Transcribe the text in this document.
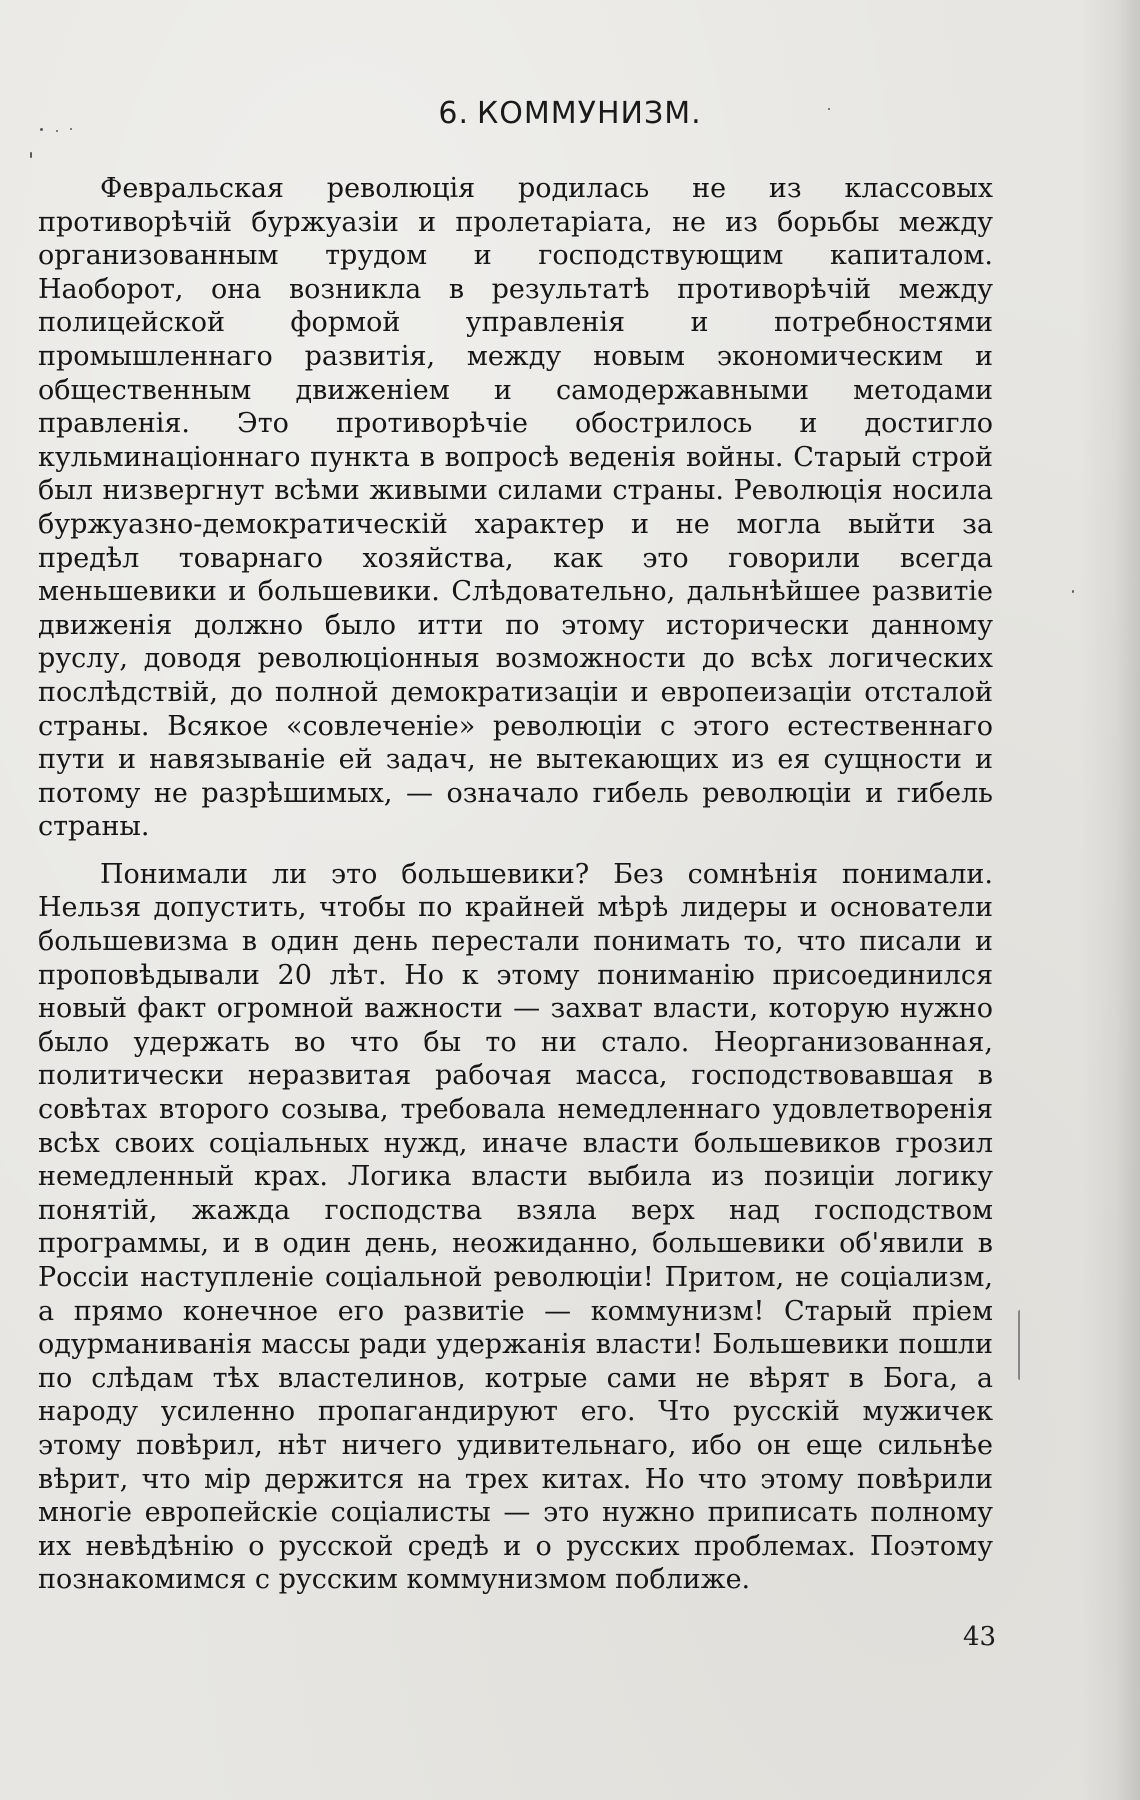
6. КОММУНИЗМ.

Февральская революція родилась не из классовых противорѣчій буржуазіи и пролетаріата, не из борьбы между организованным трудом и господствующим капиталом. Наоборот, она возникла в результатѣ противорѣчій между полицейской формой управленія и потребностями промышленнаго развитія, между новым экономическим и общественным движеніем и самодержавными методами правленія. Это противорѣчіе обострилось и достигло кульминаціоннаго пункта в вопросѣ веденія войны. Старый строй был низвергнут всѣми живыми силами страны. Революція носила буржуазно-демократическій характер и не могла выйти за предѣл товарнаго хозяйства, как это говорили всегда меньшевики и большевики. Слѣдовательно, дальнѣйшее развитіе движенія должно было итти по этому исторически данному руслу, доводя революціонныя возможности до всѣх логических послѣдствій, до полной демократизаціи и европеизаціи отсталой страны. Всякое «совлеченіе» революціи с этого естественнаго пути и навязываніе ей задач, не вытекающих из ея сущности и потому не разрѣшимых, — означало гибель революціи и гибель страны.

Понимали ли это большевики? Без сомнѣнія понимали. Нельзя допустить, чтобы по крайней мѣрѣ лидеры и основатели большевизма в один день перестали понимать то, что писали и проповѣдывали 20 лѣт. Но к этому пониманію присоединился новый факт огромной важности — захват власти, которую нужно было удержать во что бы то ни стало. Неорганизованная, политически неразвитая рабочая масса, господствовавшая в совѣтах второго созыва, требовала немедленнаго удовлетворенія всѣх своих соціальных нужд, иначе власти большевиков грозил немедленный крах. Логика власти выбила из позиціи логику понятій, жажда господства взяла верх над господством программы, и в один день, неожиданно, большевики об'явили в Россіи наступленіе соціальной революціи! Притом, не соціализм, а прямо конечное его развитіе — коммунизм! Старый пріем одурманиванія массы ради удержанія власти! Большевики пошли по слѣдам тѣх властелинов, котрые сами не вѣрят в Бога, а народу усиленно пропагандируют его. Что русскій мужичек этому повѣрил, нѣт ничего удивительнаго, ибо он еще сильнѣе вѣрит, что мір держится на трех китах. Но что этому повѣрили многіе европейскіе соціалисты — это нужно приписать полному их невѣдѣнію о русской средѣ и о русских проблемах. Поэтому познакомимся с русским коммунизмом поближе.

43
